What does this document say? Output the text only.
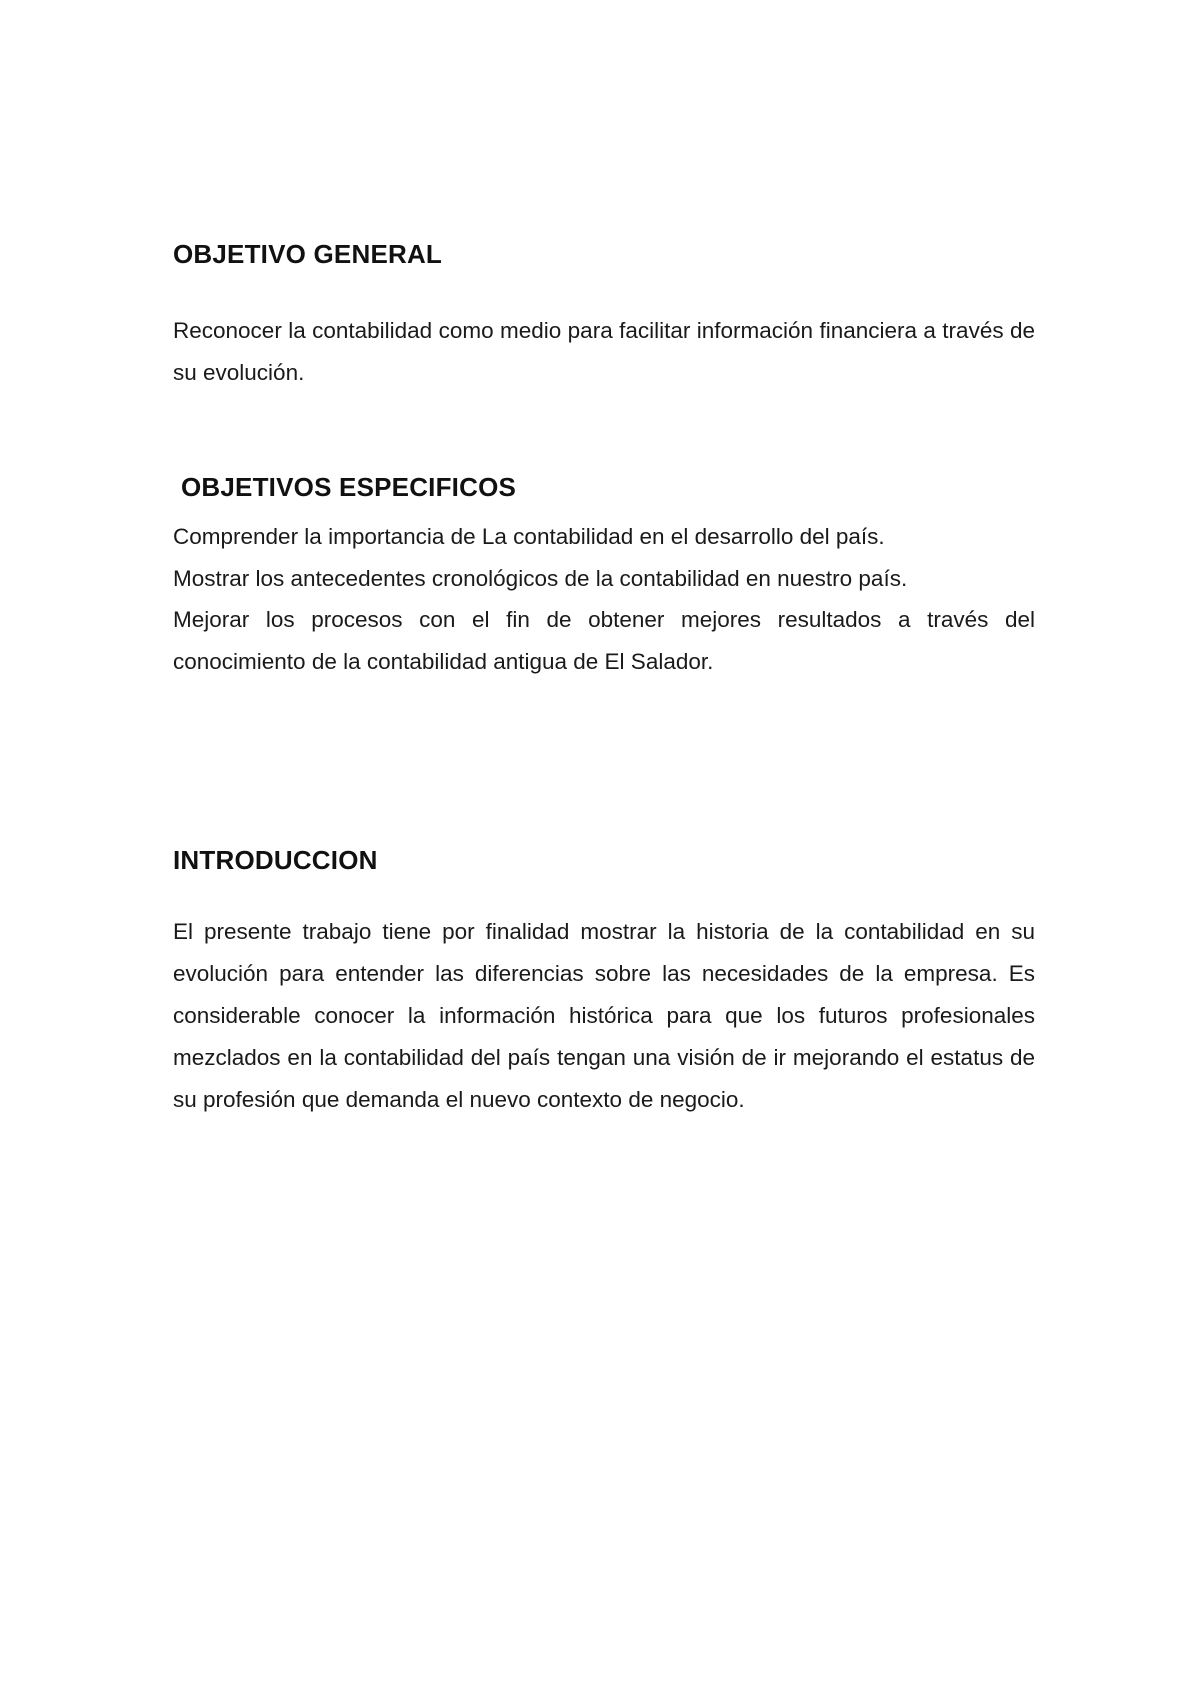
OBJETIVO GENERAL

Reconocer la contabilidad como medio para facilitar información financiera a través de su evolución.

OBJETIVOS ESPECIFICOS
Comprender la importancia de La contabilidad en el desarrollo del país.
Mostrar los antecedentes cronológicos de la contabilidad en nuestro país.
Mejorar los procesos con el fin de obtener mejores resultados a través del conocimiento de la contabilidad antigua de El Salador.
INTRODUCCION

El presente trabajo tiene por finalidad mostrar la historia de la contabilidad en su evolución para entender las diferencias sobre las necesidades de la empresa. Es considerable conocer la información histórica para que los futuros profesionales mezclados en la contabilidad del país tengan una visión de ir mejorando el estatus de su profesión que demanda el nuevo contexto de negocio.
